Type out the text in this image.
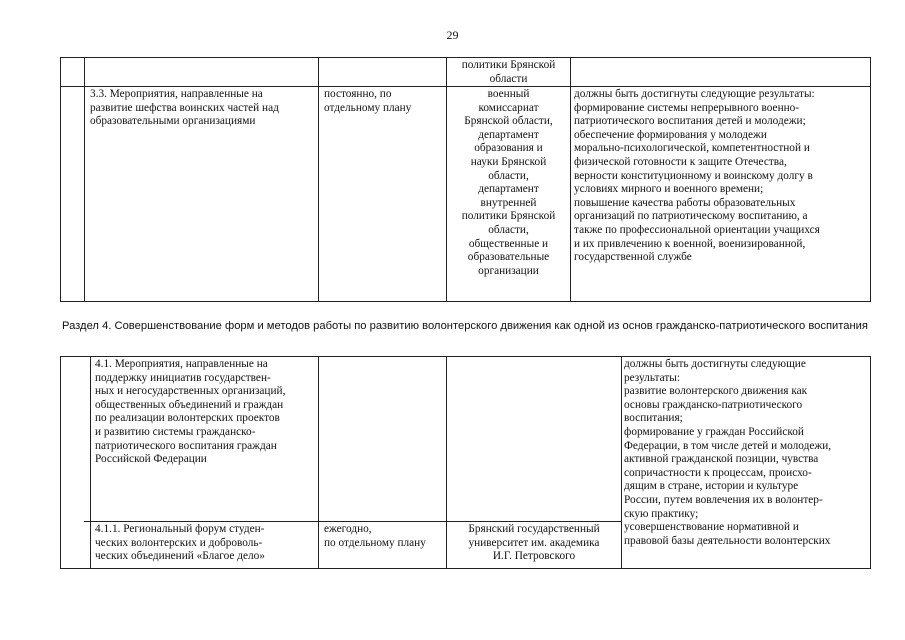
29
политики Брянской
области
3.3. Мероприятия, направленные на
развитие шефства воинских частей над
образовательными организациями
постоянно, по
отдельному плану
военный
комиссариат
Брянской области,
департамент
образования и
науки Брянской
области,
департамент
внутренней
политики Брянской
области,
общественные и
образовательные
организации
должны быть достигнуты следующие результаты:
формирование системы непрерывного военно-
патриотического воспитания детей и молодежи;
обеспечение формирования у молодежи
морально-психологической, компетентностной и
физической готовности к защите Отечества,
верности конституционному и воинскому долгу в
условиях мирного и военного времени;
повышение качества работы образовательных
организаций по патриотическому воспитанию, а
также по профессиональной ориентации учащихся
и их привлечению к военной, военизированной,
государственной службе
Раздел 4. Совершенствование форм и методов работы по развитию волонтерского движения как одной из основ гражданско-патриотического воспитания
4.1. Мероприятия, направленные на
поддержку инициатив государствен-
ных и негосударственных организаций,
общественных объединений и граждан
по реализации волонтерских проектов
и развитию системы гражданско-
патриотического воспитания граждан
Российской Федерации
должны быть достигнуты следующие
результаты:
развитие волонтерского движения как
основы гражданско-патриотического
воспитания;
формирование у граждан Российской
Федерации, в том числе детей и молодежи,
активной гражданской позиции, чувства
сопричастности к процессам, происхо-
дящим в стране, истории и культуре
России, путем вовлечения их в волонтер-
скую практику;
усовершенствование нормативной и
правовой базы деятельности волонтерских
4.1.1. Региональный форум студен-
ческих волонтерских и доброволь-
ческих объединений «Благое дело»
ежегодно,
по отдельному плану
Брянский государственный
университет им. академика
И.Г. Петровского
